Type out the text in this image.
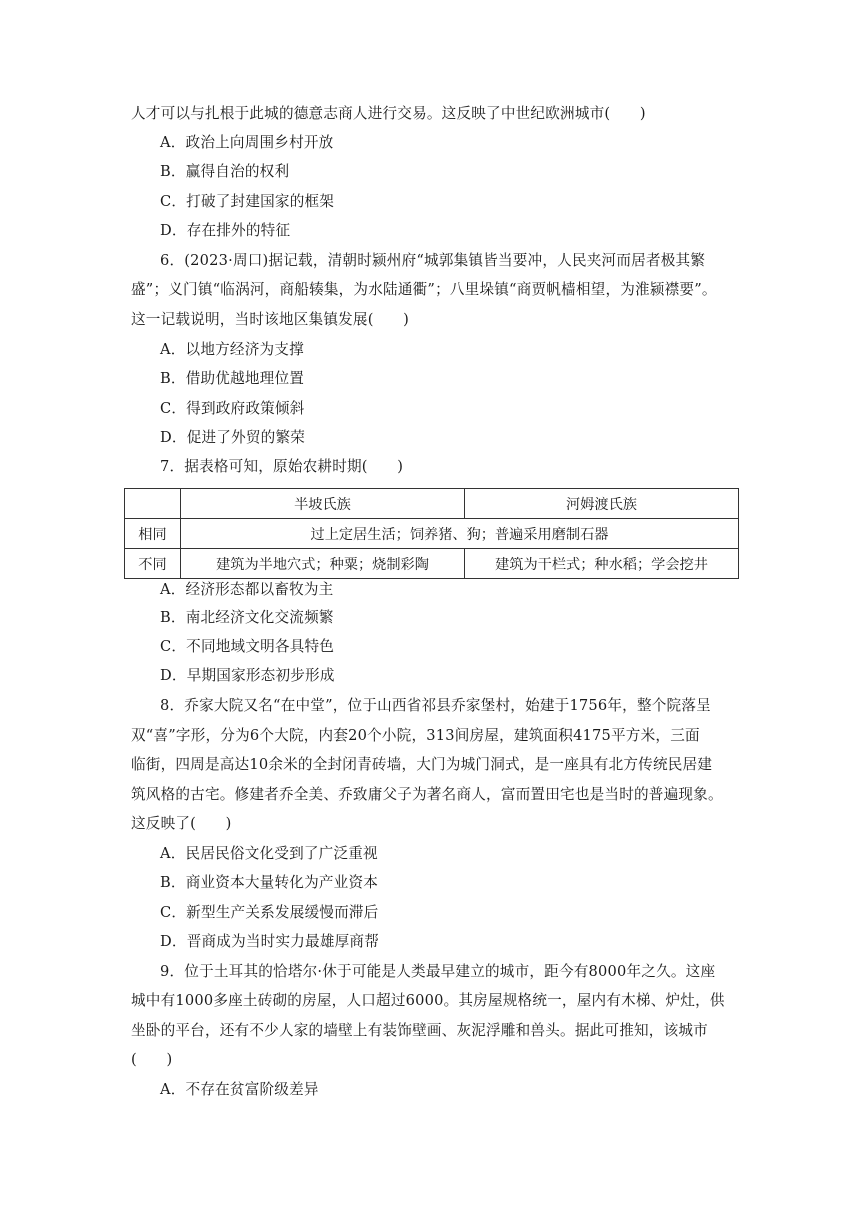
人才可以与扎根于此城的德意志商人进行交易。这反映了中世纪欧洲城市(　　)
A．政治上向周围乡村开放
B．赢得自治的权利
C．打破了封建国家的框架
D．存在排外的特征
6．(2023·周口)据记载，清朝时颍州府“城郭集镇皆当要冲，人民夹河而居者极其繁
盛”；义门镇“临涡河，商船辏集，为水陆通衢”；八里垛镇“商贾帆樯相望，为淮颍襟要”。
这一记载说明，当时该地区集镇发展(　　)
A．以地方经济为支撑
B．借助优越地理位置
C．得到政府政策倾斜
D．促进了外贸的繁荣
7．据表格可知，原始农耕时期(　　)
	半坡氏族	河姆渡氏族
相同	过上定居生活；饲养猪、狗；普遍采用磨制石器	
不同	建筑为半地穴式；种粟；烧制彩陶	建筑为干栏式；种水稻；学会挖井
A．经济形态都以畜牧为主
B．南北经济文化交流频繁
C．不同地域文明各具特色
D．早期国家形态初步形成
8．乔家大院又名“在中堂”，位于山西省祁县乔家堡村，始建于1756年，整个院落呈
双“喜”字形，分为6个大院，内套20个小院，313间房屋，建筑面积4175平方米，三面
临街，四周是高达10余米的全封闭青砖墙，大门为城门洞式，是一座具有北方传统民居建
筑风格的古宅。修建者乔全美、乔致庸父子为著名商人，富而置田宅也是当时的普遍现象。
这反映了(　　)
A．民居民俗文化受到了广泛重视
B．商业资本大量转化为产业资本
C．新型生产关系发展缓慢而滞后
D．晋商成为当时实力最雄厚商帮
9．位于土耳其的恰塔尔·休于可能是人类最早建立的城市，距今有8000年之久。这座
城中有1000多座土砖砌的房屋，人口超过6000。其房屋规格统一，屋内有木梯、炉灶，供
坐卧的平台，还有不少人家的墙壁上有装饰壁画、灰泥浮雕和兽头。据此可推知，该城市
(　　)
A．不存在贫富阶级差异
